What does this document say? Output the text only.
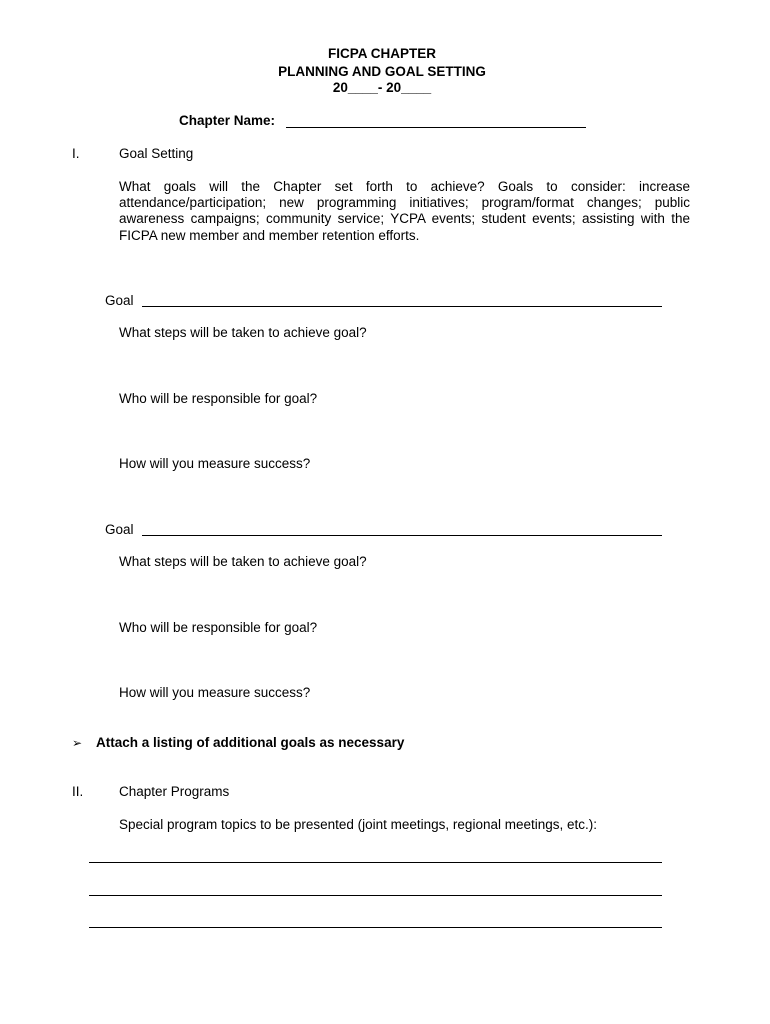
FICPA CHAPTER

PLANNING AND GOAL SETTING

20____- 20____

Chapter Name:

I.	Goal Setting

What goals will the Chapter set forth to achieve? Goals to consider: increase attendance/participation; new programming initiatives; program/format changes; public awareness campaigns; community service; YCPA events; student events; assisting with the FICPA new member and member retention efforts.

Goal

What steps will be taken to achieve goal?

Who will be responsible for goal?

How will you measure success?

Goal

What steps will be taken to achieve goal?

Who will be responsible for goal?

How will you measure success?

➢ Attach a listing of additional goals as necessary

II.	Chapter Programs

Special program topics to be presented (joint meetings, regional meetings, etc.):
